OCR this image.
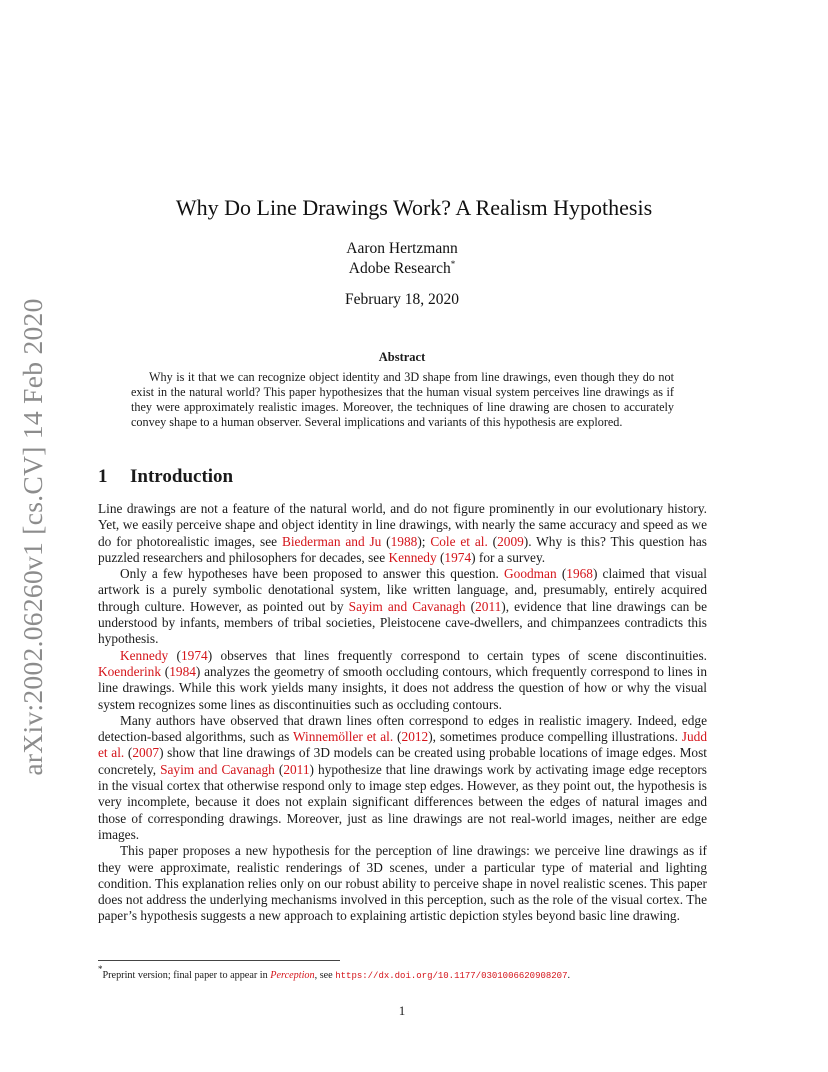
arXiv:2002.06260v1 [cs.CV] 14 Feb 2020
Why Do Line Drawings Work? A Realism Hypothesis
Aaron Hertzmann
Adobe Research*
February 18, 2020
Abstract
Why is it that we can recognize object identity and 3D shape from line drawings, even though they do not exist in the natural world? This paper hypothesizes that the human visual system perceives line drawings as if they were approximately realistic images. Moreover, the techniques of line drawing are chosen to accurately convey shape to a human observer. Several implications and variants of this hypothesis are explored.
1 Introduction

Line drawings are not a feature of the natural world, and do not figure prominently in our evolutionary history. Yet, we easily perceive shape and object identity in line drawings, with nearly the same accuracy and speed as we do for photorealistic images, see Biederman and Ju (1988); Cole et al. (2009). Why is this? This question has puzzled researchers and philosophers for decades, see Kennedy (1974) for a survey.

Only a few hypotheses have been proposed to answer this question. Goodman (1968) claimed that visual artwork is a purely symbolic denotational system, like written language, and, presumably, entirely acquired through culture. However, as pointed out by Sayim and Cavanagh (2011), evidence that line drawings can be understood by infants, members of tribal societies, Pleistocene cave-dwellers, and chimpanzees contradicts this hypothesis.

Kennedy (1974) observes that lines frequently correspond to certain types of scene discontinuities. Koenderink (1984) analyzes the geometry of smooth occluding contours, which frequently correspond to lines in line drawings. While this work yields many insights, it does not address the question of how or why the visual system recognizes some lines as discontinuities such as occluding contours.

Many authors have observed that drawn lines often correspond to edges in realistic imagery. Indeed, edge detection-based algorithms, such as Winnemöller et al. (2012), sometimes produce compelling illustrations. Judd et al. (2007) show that line drawings of 3D models can be created using probable locations of image edges. Most concretely, Sayim and Cavanagh (2011) hypothesize that line drawings work by activating image edge receptors in the visual cortex that otherwise respond only to image step edges. However, as they point out, the hypothesis is very incomplete, because it does not explain significant differences between the edges of natural images and those of corresponding drawings. Moreover, just as line drawings are not real-world images, neither are edge images.

This paper proposes a new hypothesis for the perception of line drawings: we perceive line drawings as if they were approximate, realistic renderings of 3D scenes, under a particular type of material and lighting condition. This explanation relies only on our robust ability to perceive shape in novel realistic scenes. This paper does not address the underlying mechanisms involved in this perception, such as the role of the visual cortex. The paper’s hypothesis suggests a new approach to explaining artistic depiction styles beyond basic line drawing.

*Preprint version; final paper to appear in Perception, see https://dx.doi.org/10.1177/0301006620908207.
1
